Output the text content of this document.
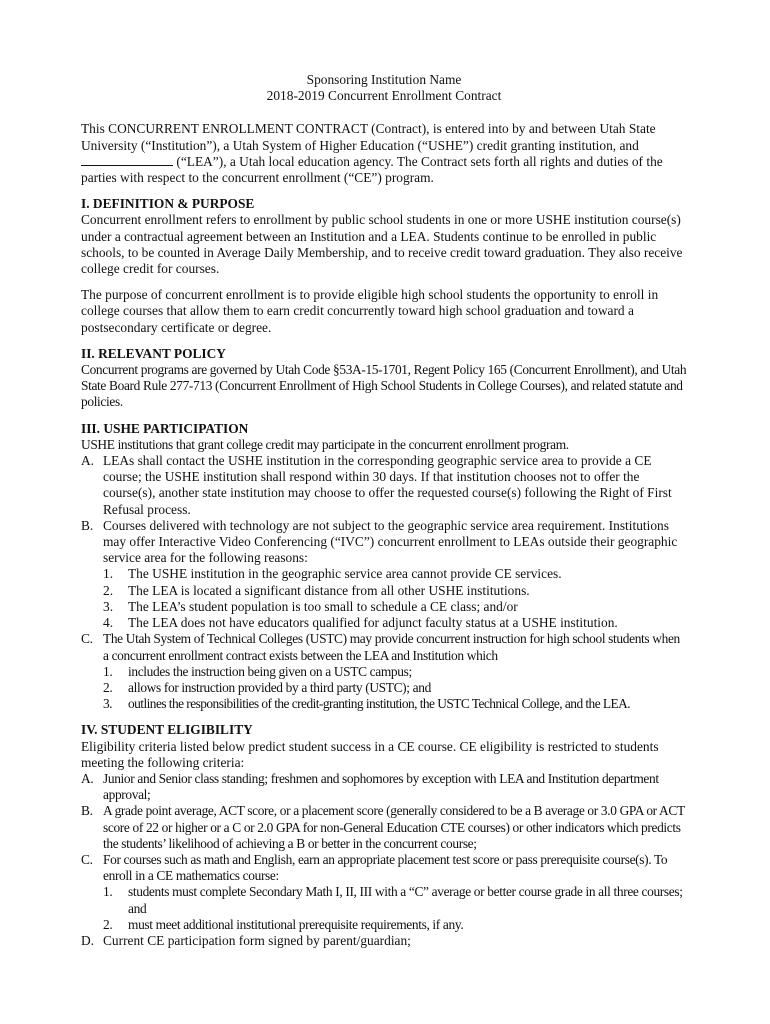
Sponsoring Institution Name
2018-2019 Concurrent Enrollment Contract

This CONCURRENT ENROLLMENT CONTRACT (Contract), is entered into by and between Utah State University (“Institution”), a Utah System of Higher Education (“USHE”) credit granting institution, and  (“LEA”), a Utah local education agency. The Contract sets forth all rights and duties of the parties with respect to the concurrent enrollment (“CE”) program.

I. DEFINITION & PURPOSE

Concurrent enrollment refers to enrollment by public school students in one or more USHE institution course(s) under a contractual agreement between an Institution and a LEA. Students continue to be enrolled in public schools, to be counted in Average Daily Membership, and to receive credit toward graduation. They also receive college credit for courses.

The purpose of concurrent enrollment is to provide eligible high school students the opportunity to enroll in college courses that allow them to earn credit concurrently toward high school graduation and toward a postsecondary certificate or degree.

II. RELEVANT POLICY

Concurrent programs are governed by Utah Code §53A-15-1701, Regent Policy 165 (Concurrent Enrollment), and Utah State Board Rule 277-713 (Concurrent Enrollment of High School Students in College Courses), and related statute and policies.

III. USHE PARTICIPATION

USHE institutions that grant college credit may participate in the concurrent enrollment program.

A. LEAs shall contact the USHE institution in the corresponding geographic service area to provide a CE course; the USHE institution shall respond within 30 days. If that institution chooses not to offer the course(s), another state institution may choose to offer the requested course(s) following the Right of First Refusal process.
B. Courses delivered with technology are not subject to the geographic service area requirement. Institutions may offer Interactive Video Conferencing (“IVC”) concurrent enrollment to LEAs outside their geographic service area for the following reasons:
1. The USHE institution in the geographic service area cannot provide CE services.
2. The LEA is located a significant distance from all other USHE institutions.
3. The LEA’s student population is too small to schedule a CE class; and/or
4. The LEA does not have educators qualified for adjunct faculty status at a USHE institution.
C. The Utah System of Technical Colleges (USTC) may provide concurrent instruction for high school students when a concurrent enrollment contract exists between the LEA and Institution which
1. includes the instruction being given on a USTC campus;
2. allows for instruction provided by a third party (USTC); and
3. outlines the responsibilities of the credit-granting institution, the USTC Technical College, and the LEA.
IV. STUDENT ELIGIBILITY

Eligibility criteria listed below predict student success in a CE course. CE eligibility is restricted to students meeting the following criteria:

A. Junior and Senior class standing; freshmen and sophomores by exception with LEA and Institution department approval;
B. A grade point average, ACT score, or a placement score (generally considered to be a B average or 3.0 GPA or ACT score of 22 or higher or a C or 2.0 GPA for non-General Education CTE courses) or other indicators which predicts the students’ likelihood of achieving a B or better in the concurrent course;
C. For courses such as math and English, earn an appropriate placement test score or pass prerequisite course(s). To enroll in a CE mathematics course:
1. students must complete Secondary Math I, II, III with a “C” average or better course grade in all three courses; and
2. must meet additional institutional prerequisite requirements, if any.
D. Current CE participation form signed by parent/guardian;
